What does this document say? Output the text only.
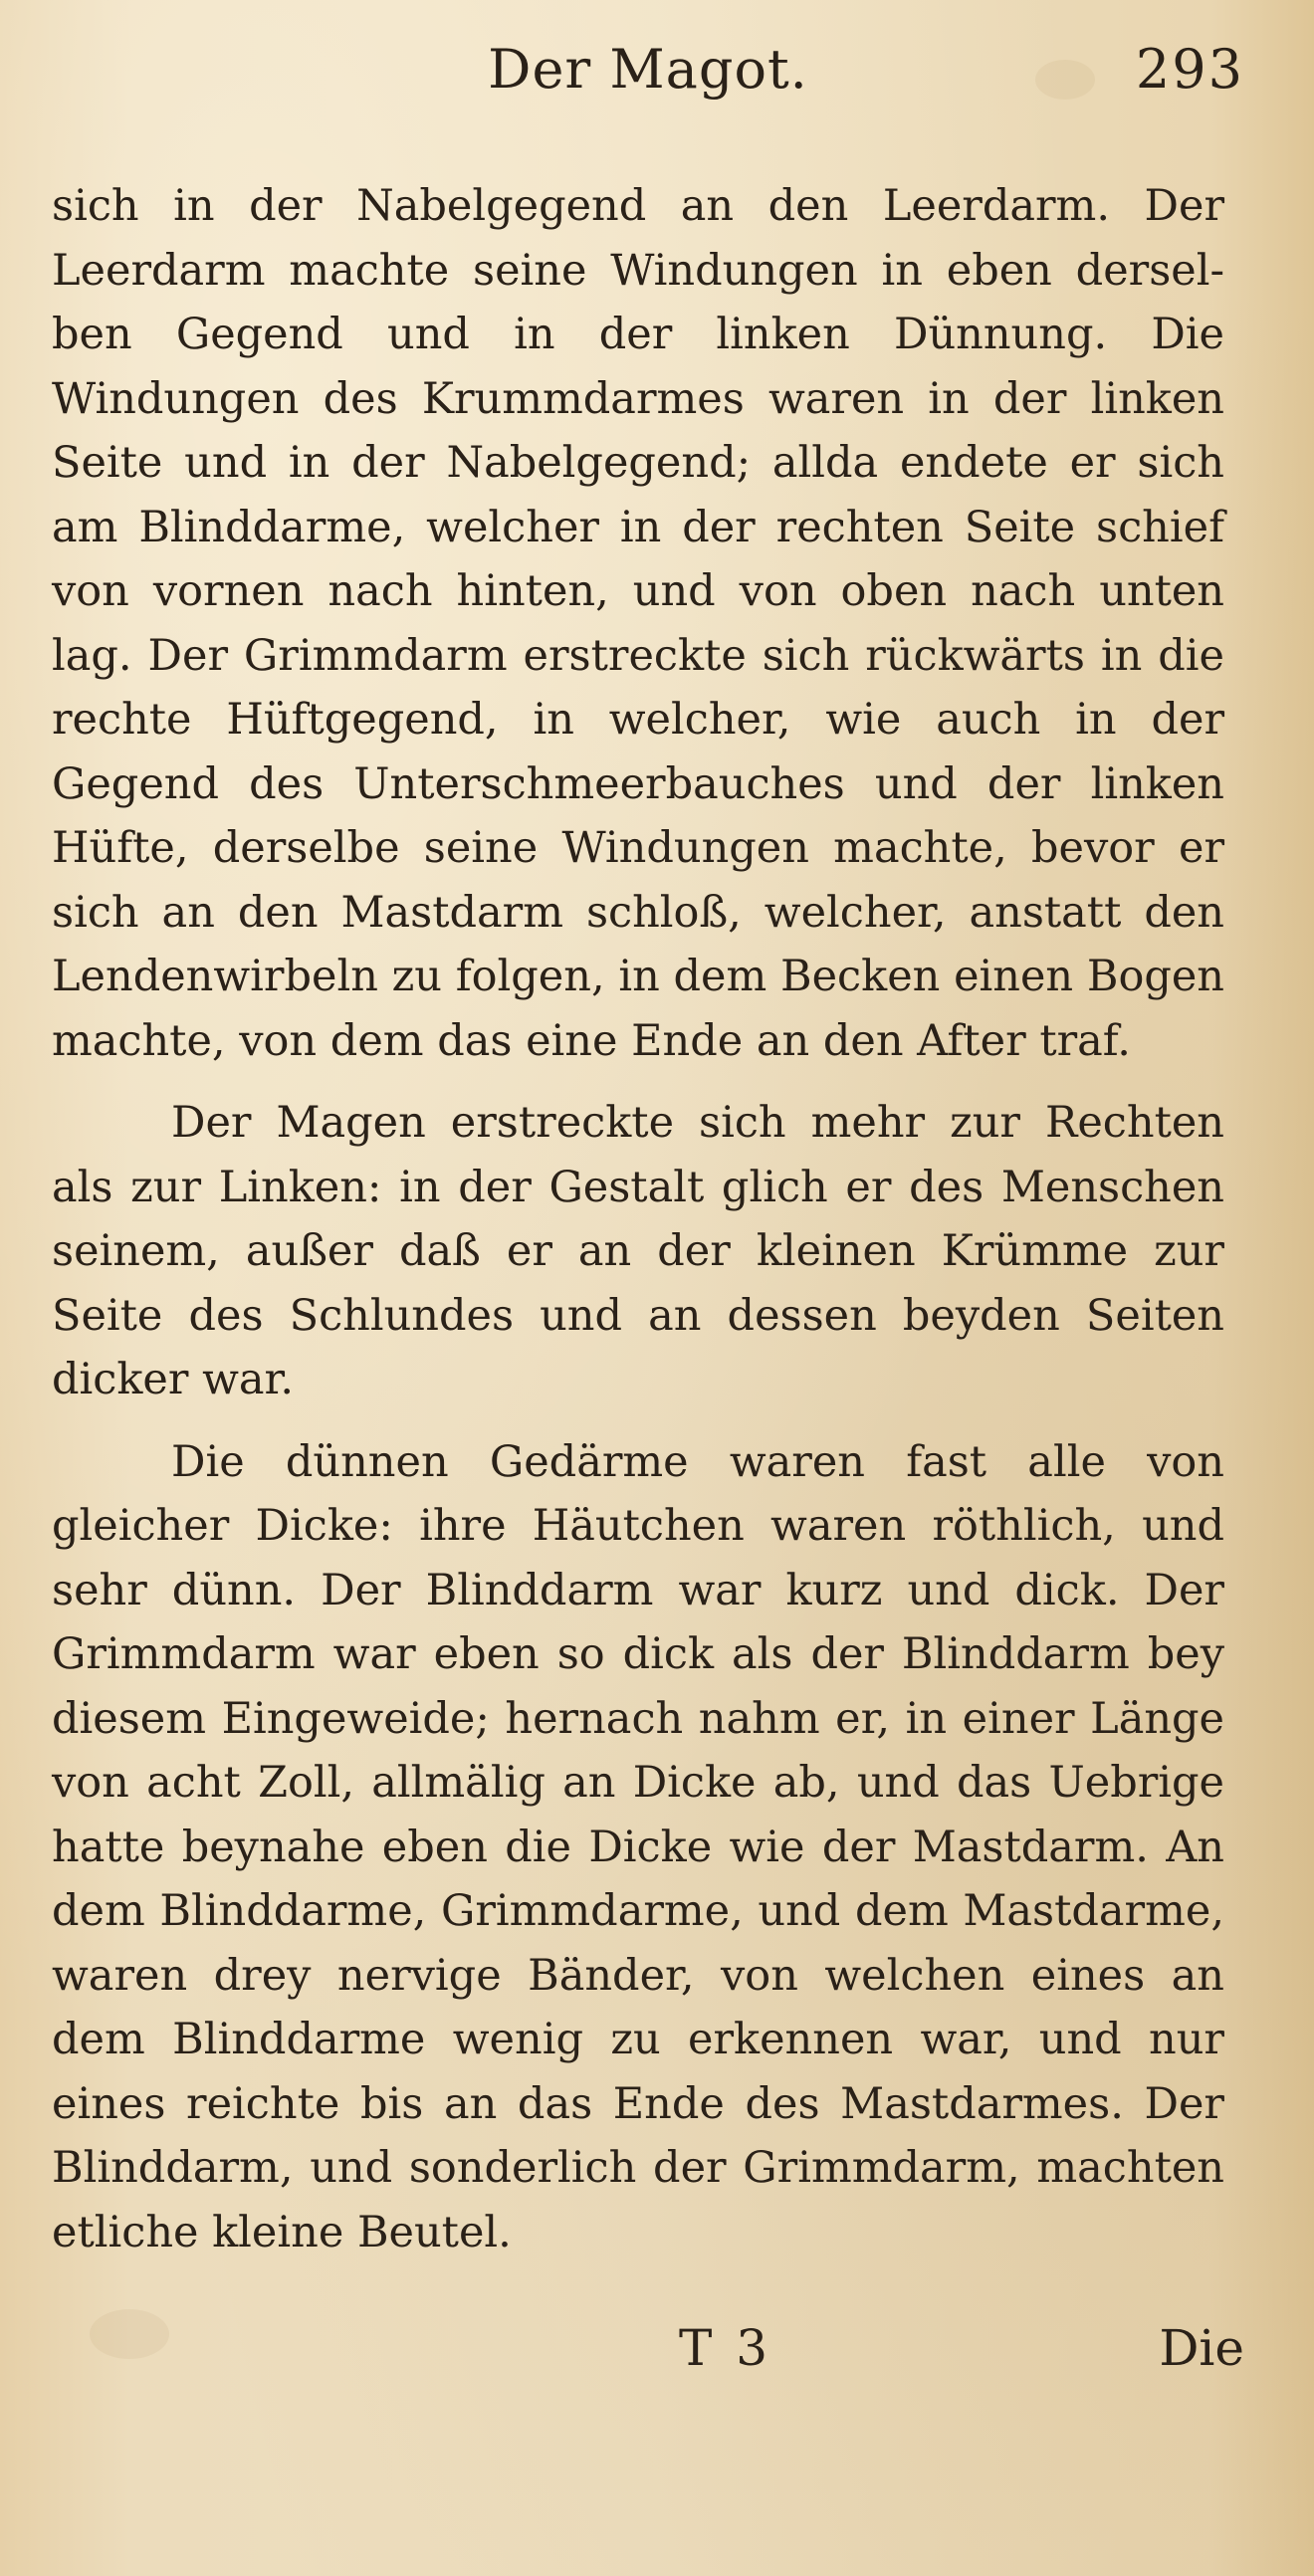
Der Magot.	293

sich in der Nabelgegend an den Leerdarm. Der Leerdarm machte seine Windungen in eben derselben Gegend und in der linken Dünnung. Die Windungen des Krummdarmes waren in der linken Seite und in der Nabelgegend; allda endete er sich am Blinddarme, welcher in der rechten Seite schief von vornen nach hinten, und von oben nach unten lag. Der Grimmdarm erstreckte sich rückwärts in die rechte Hüftgegend, in welcher, wie auch in der Gegend des Unterschmeerbauches und der linken Hüfte, derselbe seine Windungen machte, bevor er sich an den Mastdarm schloß, welcher, anstatt den Lendenwirbeln zu folgen, in dem Becken einen Bogen machte, von dem das eine Ende an den After traf.

Der Magen erstreckte sich mehr zur Rechten als zur Linken: in der Gestalt glich er des Menschen seinem, außer daß er an der kleinen Krümme zur Seite des Schlundes und an dessen beyden Seiten dicker war.

Die dünnen Gedärme waren fast alle von gleicher Dicke: ihre Häutchen waren röthlich, und sehr dünn. Der Blinddarm war kurz und dick. Der Grimmdarm war eben so dick als der Blinddarm bey diesem Eingeweide; hernach nahm er, in einer Länge von acht Zoll, allmälig an Dicke ab, und das Uebrige hatte beynahe eben die Dicke wie der Mastdarm. An dem Blinddarme, Grimmdarme, und dem Mastdarme, waren drey nervige Bänder, von welchen eines an dem Blinddarme wenig zu erkennen war, und nur eines reichte bis an das Ende des Mastdarmes. Der Blinddarm, und sonderlich der Grimmdarm, machten etliche kleine Beutel.

T 3	Die
